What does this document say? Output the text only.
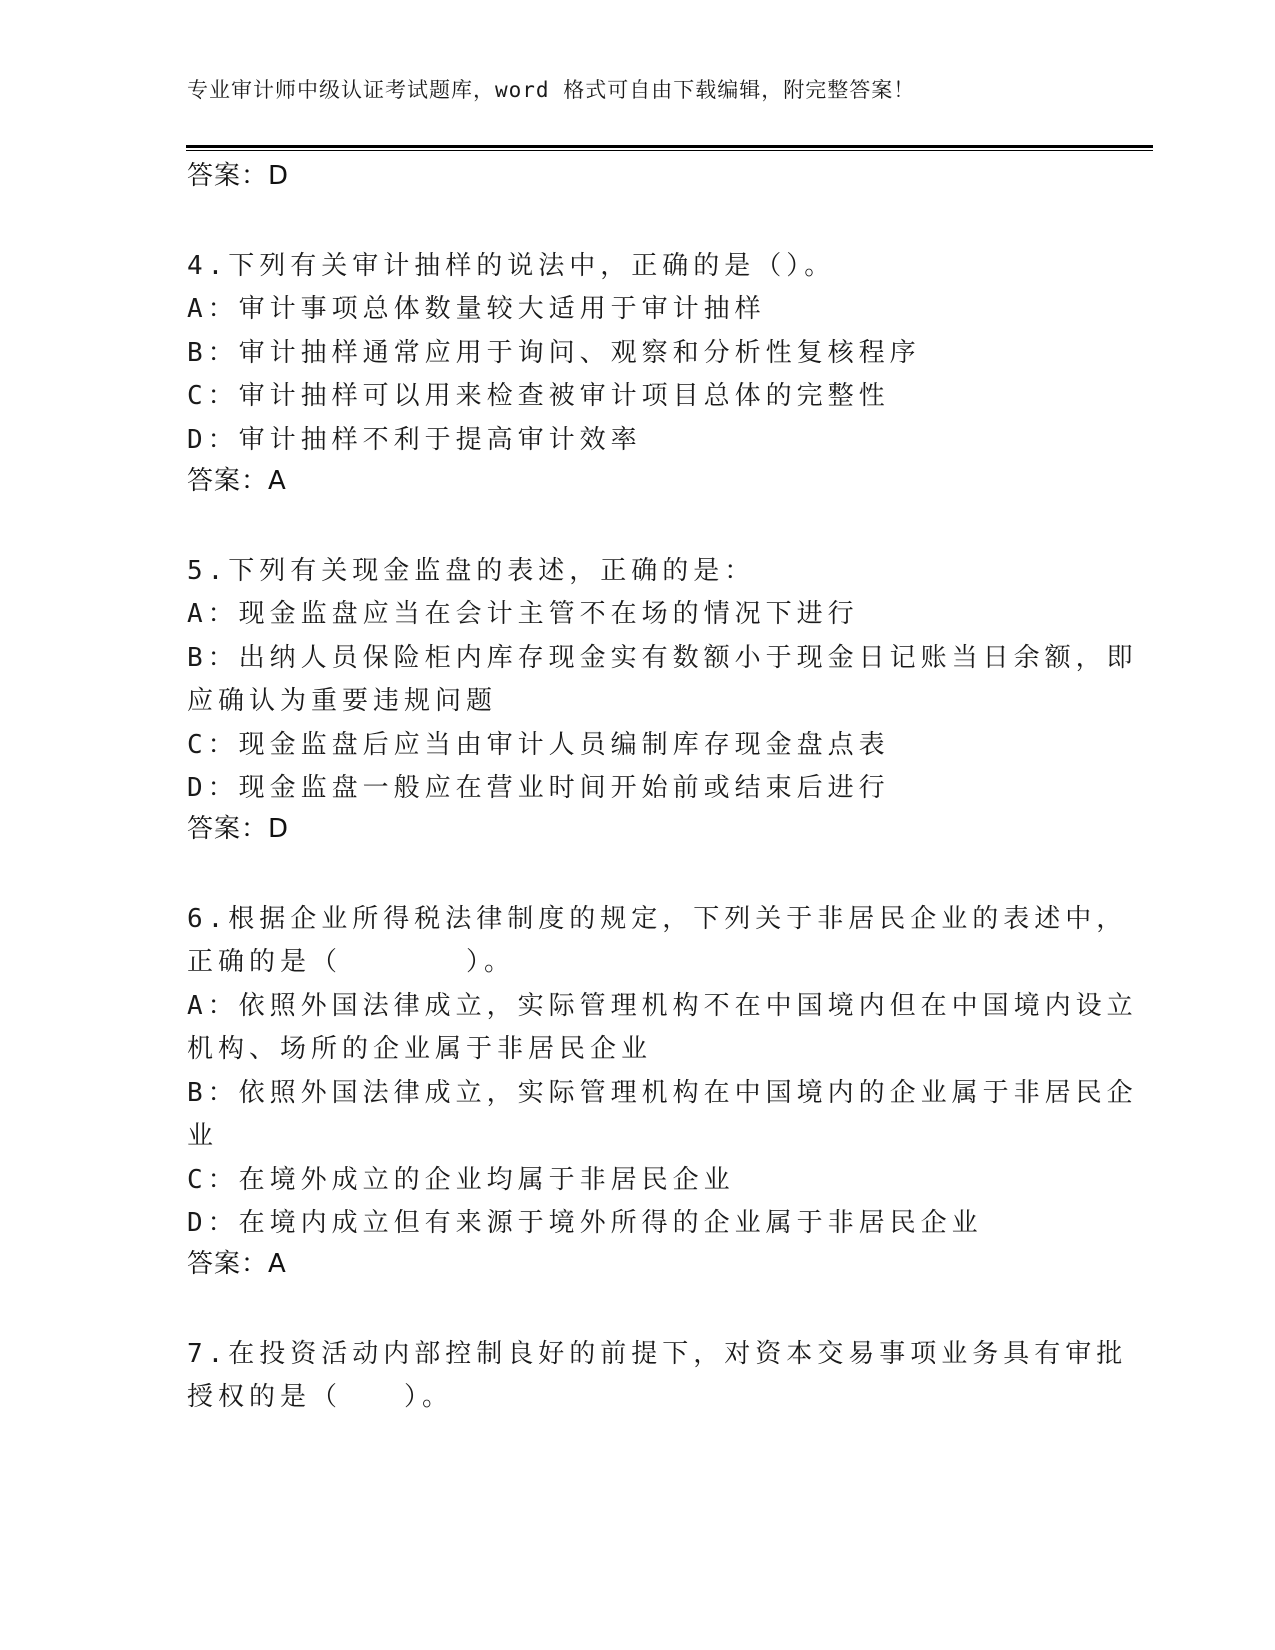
专业审计师中级认证考试题库，word 格式可自由下载编辑，附完整答案！
答案：D
4.下列有关审计抽样的说法中，正确的是（）。
A：审计事项总体数量较大适用于审计抽样
B：审计抽样通常应用于询问、观察和分析性复核程序
C：审计抽样可以用来检查被审计项目总体的完整性
D：审计抽样不利于提高审计效率
答案：A
5.下列有关现金监盘的表述，正确的是：
A：现金监盘应当在会计主管不在场的情况下进行
B：出纳人员保险柜内库存现金实有数额小于现金日记账当日余额，即
应确认为重要违规问题
C：现金监盘后应当由审计人员编制库存现金盘点表
D：现金监盘一般应在营业时间开始前或结束后进行
答案：D
6.根据企业所得税法律制度的规定，下列关于非居民企业的表述中，
正确的是（　　　　）。
A：依照外国法律成立，实际管理机构不在中国境内但在中国境内设立
机构、场所的企业属于非居民企业
B：依照外国法律成立，实际管理机构在中国境内的企业属于非居民企
业
C：在境外成立的企业均属于非居民企业
D：在境内成立但有来源于境外所得的企业属于非居民企业
答案：A
7.在投资活动内部控制良好的前提下，对资本交易事项业务具有审批
授权的是（　　）。
